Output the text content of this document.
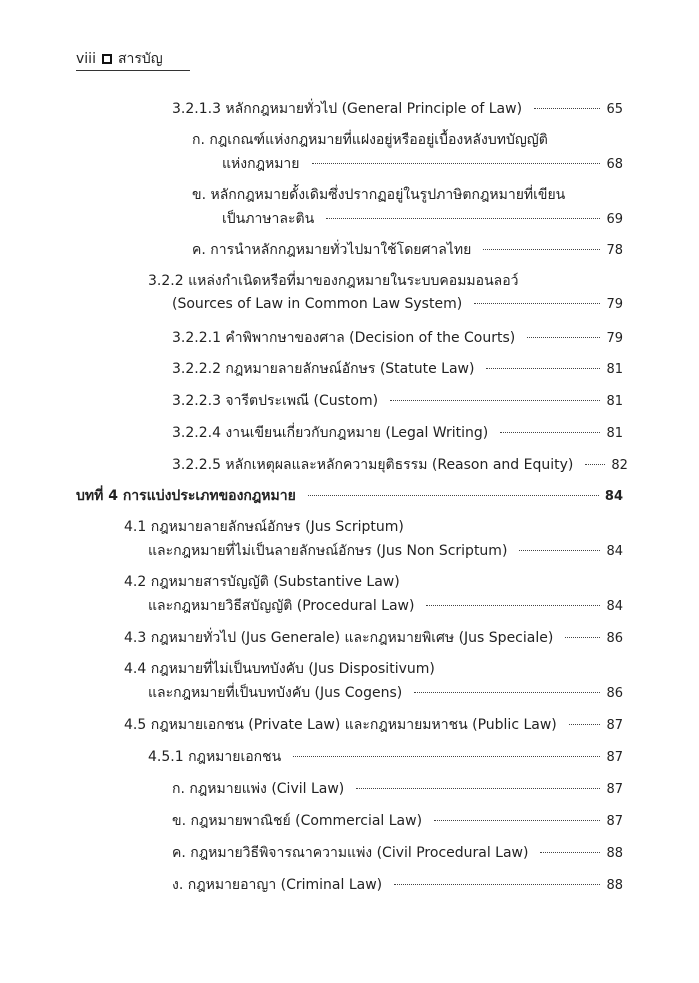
viii สารบัญ
3.2.1.3 หลักกฎหมายทั่วไป (General Principle of Law)	65
ก. กฎเกณฑ์แห่งกฎหมายที่แฝงอยู่หรืออยู่เบื้องหลังบทบัญญัติ
แห่งกฎหมาย	68
ข. หลักกฎหมายดั้งเดิมซึ่งปรากฏอยู่ในรูปภาษิตกฎหมายที่เขียน
เป็นภาษาละติน	69
ค. การนำหลักกฎหมายทั่วไปมาใช้โดยศาลไทย	78
3.2.2 แหล่งกำเนิดหรือที่มาของกฎหมายในระบบคอมมอนลอว์
(Sources of Law in Common Law System)	79
3.2.2.1 คำพิพากษาของศาล (Decision of the Courts)	79
3.2.2.2 กฎหมายลายลักษณ์อักษร (Statute Law)	81
3.2.2.3 จารีตประเพณี (Custom)	81
3.2.2.4 งานเขียนเกี่ยวกับกฎหมาย (Legal Writing)	81
3.2.2.5 หลักเหตุผลและหลักความยุติธรรม (Reason and Equity)	82
บทที่ 4 การแบ่งประเภทของกฎหมาย	84
4.1 กฎหมายลายลักษณ์อักษร (Jus Scriptum)
และกฎหมายที่ไม่เป็นลายลักษณ์อักษร (Jus Non Scriptum)	84
4.2 กฎหมายสารบัญญัติ (Substantive Law)
และกฎหมายวิธีสบัญญัติ (Procedural Law)	84
4.3 กฎหมายทั่วไป (Jus Generale) และกฎหมายพิเศษ (Jus Speciale)	86
4.4 กฎหมายที่ไม่เป็นบทบังคับ (Jus Dispositivum)
และกฎหมายที่เป็นบทบังคับ (Jus Cogens)	86
4.5 กฎหมายเอกชน (Private Law) และกฎหมายมหาชน (Public Law)	87
4.5.1 กฎหมายเอกชน	87
ก. กฎหมายแพ่ง (Civil Law)	87
ข. กฎหมายพาณิชย์ (Commercial Law)	87
ค. กฎหมายวิธีพิจารณาความแพ่ง (Civil Procedural Law)	88
ง. กฎหมายอาญา (Criminal Law)	88
